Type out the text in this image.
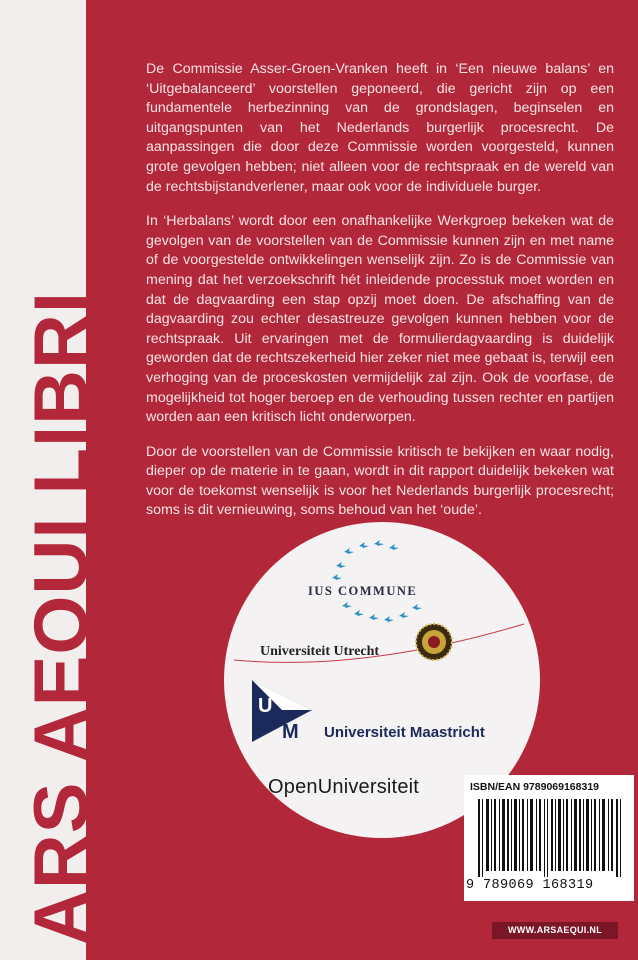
ARS AEQUI LIBRI

De Commissie Asser-Groen-Vranken heeft in ‘Een nieuwe balans’ en ‘Uitgebalanceerd’ voorstellen geponeerd, die gericht zijn op een fundamentele herbezinning van de grondslagen, beginselen en uitgangspunten van het Nederlands burgerlijk procesrecht. De aanpassingen die door deze Commissie worden voorgesteld, kunnen grote gevolgen hebben; niet alleen voor de rechtspraak en de wereld van de rechtsbijstandverlener, maar ook voor de individuele burger.

In ‘Herbalans’ wordt door een onafhankelijke Werkgroep bekeken wat de gevolgen van de voorstellen van de Commissie kunnen zijn en met name of de voorgestelde ontwikkelingen wenselijk zijn. Zo is de Commissie van mening dat het verzoekschrift hét inleidende processtuk moet worden en dat de dagvaarding een stap opzij moet doen. De afschaffing van de dagvaarding zou echter desastreuze gevolgen kunnen hebben voor de rechtspraak. Uit ervaringen met de formulierdagvaarding is duidelijk geworden dat de rechtszekerheid hier zeker niet mee gebaat is, terwijl een verhoging van de proceskosten vermijdelijk zal zijn. Ook de voorfase, de mogelijkheid tot hoger beroep en de verhouding tussen rechter en partijen worden aan een kritisch licht onderworpen.

Door de voorstellen van de Commissie kritisch te bekijken en waar nodig, dieper op de materie in te gaan, wordt in dit rapport duidelijk bekeken wat voor de toekomst wenselijk is voor het Nederlands burgerlijk procesrecht; soms is dit vernieuwing, soms behoud van het ‘oude’.

IUS COMMUNE
Universiteit Utrecht
U
M Universiteit Maastricht
OpenUniversiteit	ISBN/EAN 9789069168319
9 789069 168319
WWW.ARSAEQUI.NL
